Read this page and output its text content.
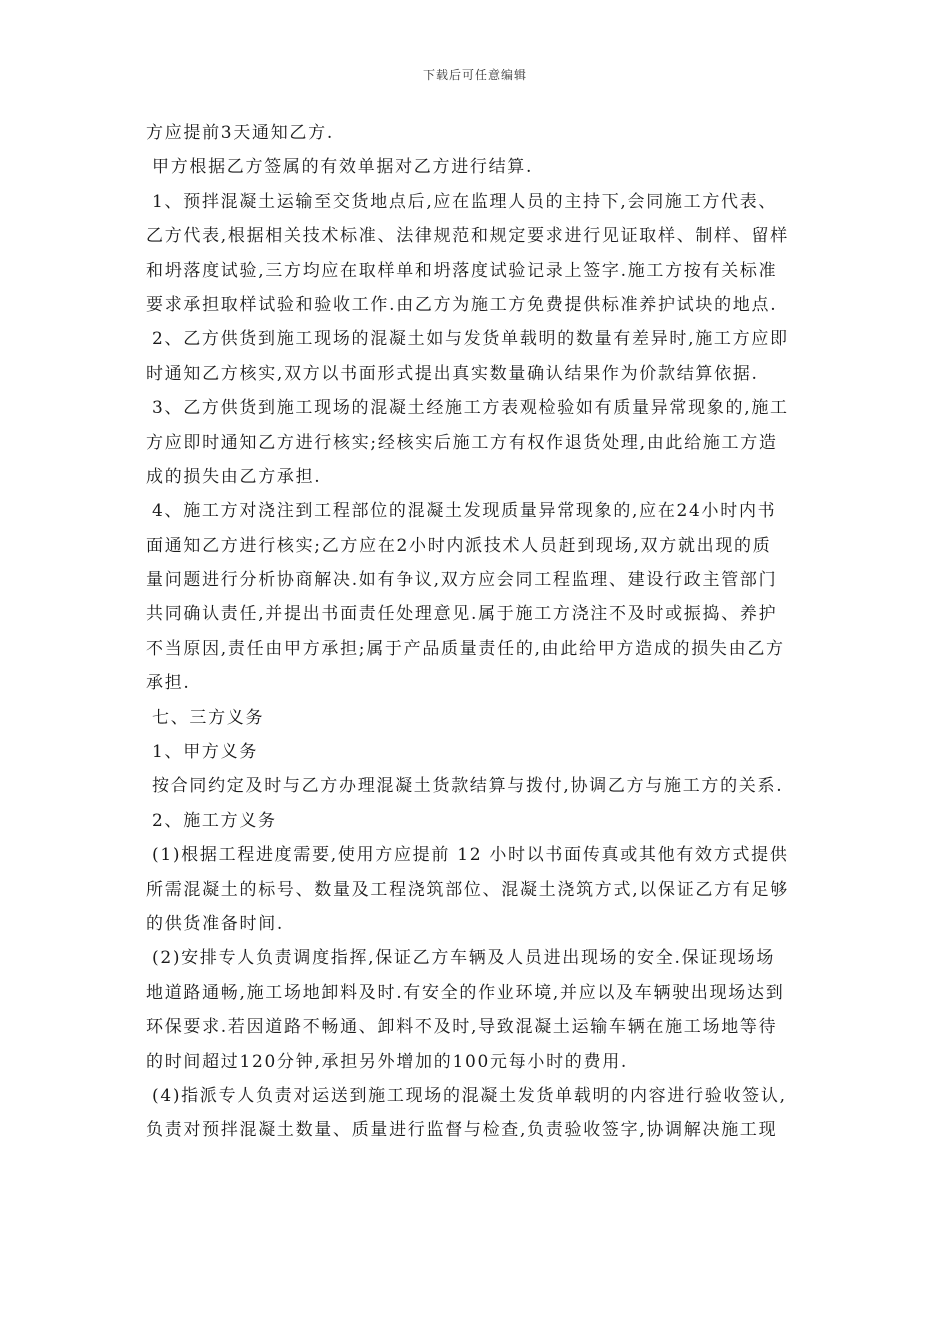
下载后可任意编辑
方应提前3天通知乙方.
甲方根据乙方签属的有效单据对乙方进行结算.
1、预拌混凝土运输至交货地点后,应在监理人员的主持下,会同施工方代表、
乙方代表,根据相关技术标准、法律规范和规定要求进行见证取样、制样、留样
和坍落度试验,三方均应在取样单和坍落度试验记录上签字.施工方按有关标准
要求承担取样试验和验收工作.由乙方为施工方免费提供标准养护试块的地点.
2、乙方供货到施工现场的混凝土如与发货单载明的数量有差异时,施工方应即
时通知乙方核实,双方以书面形式提出真实数量确认结果作为价款结算依据.
3、乙方供货到施工现场的混凝土经施工方表观检验如有质量异常现象的,施工
方应即时通知乙方进行核实;经核实后施工方有权作退货处理,由此给施工方造
成的损失由乙方承担.
4、施工方对浇注到工程部位的混凝土发现质量异常现象的,应在24小时内书
面通知乙方进行核实;乙方应在2小时内派技术人员赶到现场,双方就出现的质
量问题进行分析协商解决.如有争议,双方应会同工程监理、建设行政主管部门
共同确认责任,并提出书面责任处理意见.属于施工方浇注不及时或振捣、养护
不当原因,责任由甲方承担;属于产品质量责任的,由此给甲方造成的损失由乙方
承担.
七、三方义务
1、甲方义务
按合同约定及时与乙方办理混凝土货款结算与拨付,协调乙方与施工方的关系.
2、施工方义务
(1)根据工程进度需要,使用方应提前 12 小时以书面传真或其他有效方式提供
所需混凝土的标号、数量及工程浇筑部位、混凝土浇筑方式,以保证乙方有足够
的供货准备时间.
(2)安排专人负责调度指挥,保证乙方车辆及人员进出现场的安全.保证现场场
地道路通畅,施工场地卸料及时.有安全的作业环境,并应以及车辆驶出现场达到
环保要求.若因道路不畅通、卸料不及时,导致混凝土运输车辆在施工场地等待
的时间超过120分钟,承担另外增加的100元每小时的费用.
(4)指派专人负责对运送到施工现场的混凝土发货单载明的内容进行验收签认,
负责对预拌混凝土数量、质量进行监督与检查,负责验收签字,协调解决施工现
